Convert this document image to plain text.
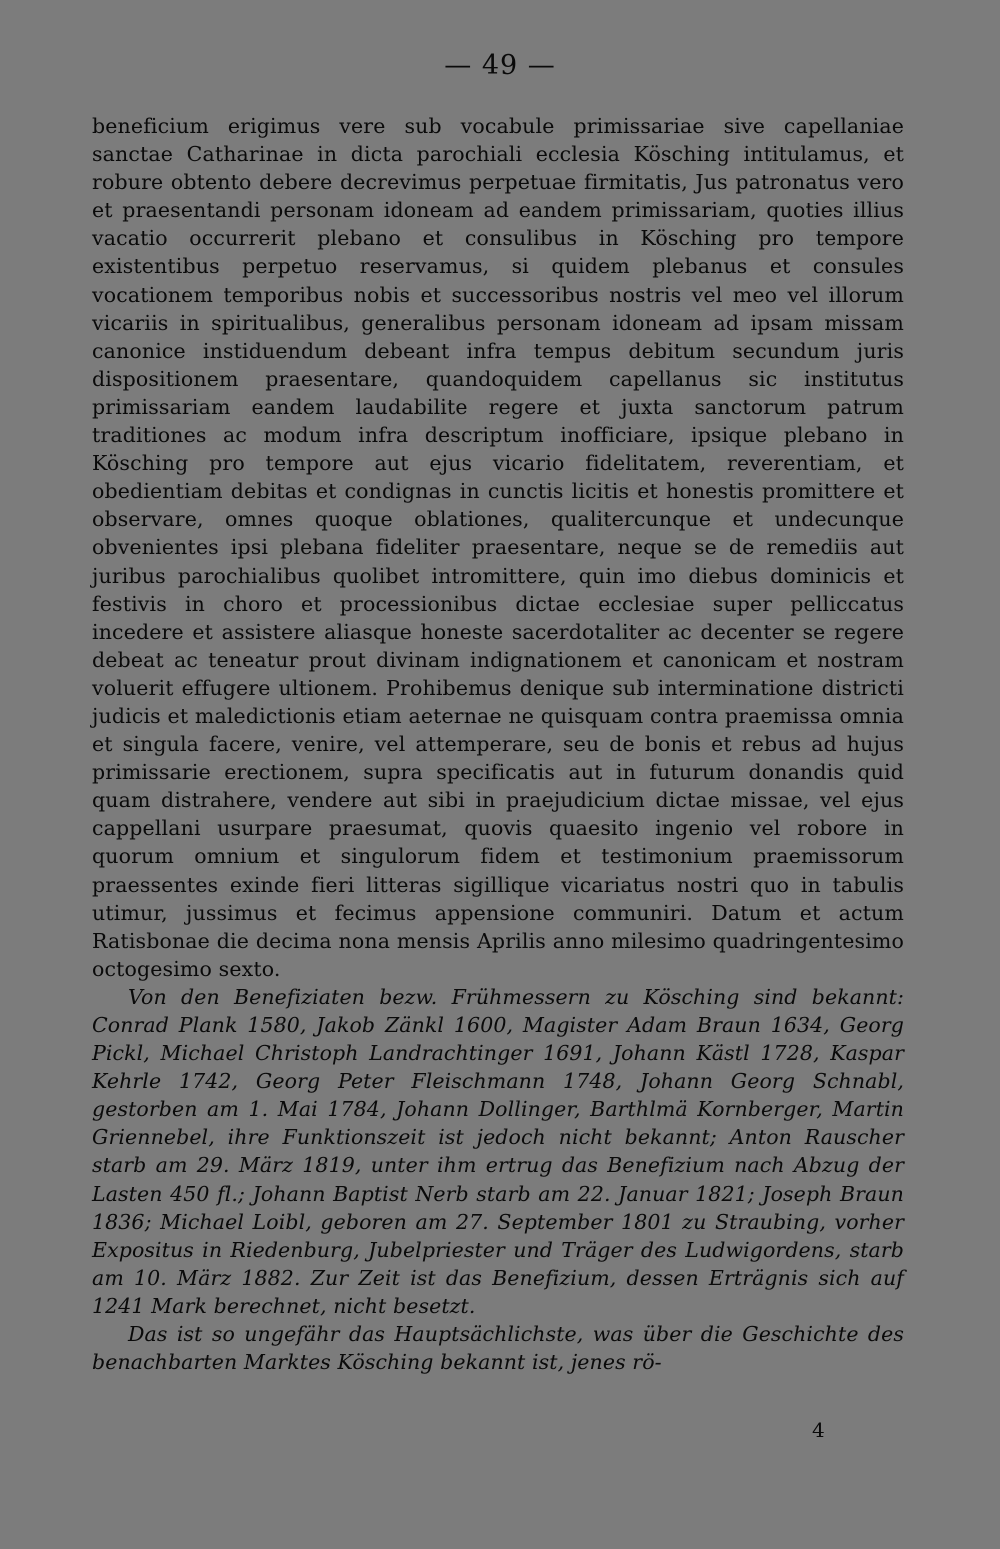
— 49 —

beneficium erigimus vere sub vocabule primissariae sive capellaniae sanctae Catharinae in dicta parochiali ecclesia Kösching intitulamus, et robure obtento debere decrevimus perpetuae firmitatis, Jus patronatus vero et praesentandi personam idoneam ad eandem primissariam, quoties illius vacatio occurrerit plebano et consulibus in Kösching pro tempore existentibus perpetuo reservamus, si quidem plebanus et consules vocationem temporibus nobis et successoribus nostris vel meo vel illorum vicariis in spiritualibus, generalibus personam idoneam ad ipsam missam canonice instiduendum debeant infra tempus debitum secundum juris dispositionem praesentare, quandoquidem capellanus sic institutus primissariam eandem laudabilite regere et juxta sanctorum patrum traditiones ac modum infra descriptum inofficiare, ipsique plebano in Kösching pro tempore aut ejus vicario fidelitatem, reverentiam, et obedientiam debitas et condignas in cunctis licitis et honestis promittere et observare, omnes quoque oblationes, qualitercunque et undecunque obvenientes ipsi plebana fideliter praesentare, neque se de remediis aut juribus parochialibus quolibet intromittere, quin imo diebus dominicis et festivis in choro et processionibus dictae ecclesiae super pelliccatus incedere et assistere aliasque honeste sacerdotaliter ac decenter se regere debeat ac teneatur prout divinam indignationem et canonicam et nostram voluerit effugere ultionem. Prohibemus denique sub interminatione districti judicis et maledictionis etiam aeternae ne quisquam contra praemissa omnia et singula facere, venire, vel attemperare, seu de bonis et rebus ad hujus primissarie erectionem, supra specificatis aut in futurum donandis quid quam distrahere, vendere aut sibi in praejudicium dictae missae, vel ejus cappellani usurpare praesumat, quovis quaesito ingenio vel robore in quorum omnium et singulorum fidem et testimonium praemissorum praessentes exinde fieri litteras sigillique vicariatus nostri quo in tabulis utimur, jussimus et fecimus appensione communiri. Datum et actum Ratisbonae die decima nona mensis Aprilis anno milesimo quadringentesimo octogesimo sexto.

Von den Benefiziaten bezw. Frühmessern zu Kösching sind bekannt: Conrad Plank 1580, Jakob Zänkl 1600, Magister Adam Braun 1634, Georg Pickl, Michael Christoph Landrachtinger 1691, Johann Kästl 1728, Kaspar Kehrle 1742, Georg Peter Fleischmann 1748, Johann Georg Schnabl, gestorben am 1. Mai 1784, Johann Dollinger, Barthlmä Kornberger, Martin Griennebel, ihre Funktionszeit ist jedoch nicht bekannt; Anton Rauscher starb am 29. März 1819, unter ihm ertrug das Benefizium nach Abzug der Lasten 450 fl.; Johann Baptist Nerb starb am 22. Januar 1821; Joseph Braun 1836; Michael Loibl, geboren am 27. September 1801 zu Straubing, vorher Expositus in Riedenburg, Jubelpriester und Träger des Ludwigordens, starb am 10. März 1882. Zur Zeit ist das Benefizium, dessen Erträgnis sich auf 1241 Mark berechnet, nicht besetzt.

Das ist so ungefähr das Hauptsächlichste, was über die Geschichte des benachbarten Marktes Kösching bekannt ist, jenes rö-

4
